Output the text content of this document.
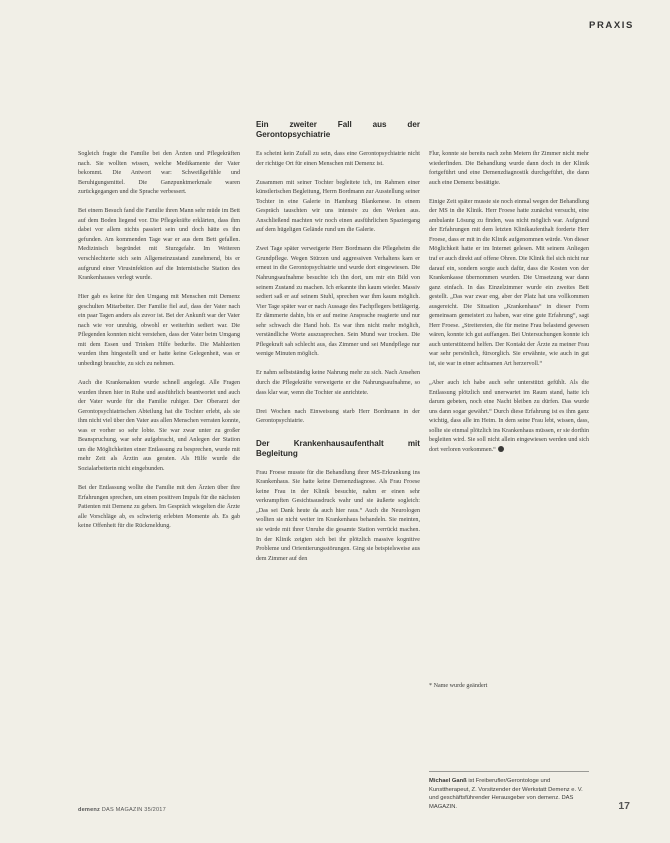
PRAXIS

Sogleich fragte die Familie bei den Ärzten und Pflegekräften nach. Sie wollten wissen, welche Medikamente der Vater bekommt. Die Antwort war: Schweißgefühle und Beruhigungsmittel. Die Ganzpunktmerkmale waren zurückgegangen und die Sprache verbessert.

Bei einem Besuch fand die Familie ihren Mann sehr müde im Bett auf dem Boden liegend vor. Die Pflegekräfte erklärten, dass ihm dabei vor allem nichts passiert sein und doch hätte es ihn gefunden. Am kommenden Tage war er aus dem Bett gefallen. Medizinisch begründet mit Sturzgefahr. Im Weiteren verschlechterte sich sein Allgemeinzustand zunehmend, bis er aufgrund einer Virusinfektion auf die Internistische Station des Krankenhauses verlegt wurde.

Hier gab es keine für den Umgang mit Menschen mit Demenz geschulten Mitarbeiter. Der Familie fiel auf, dass der Vater nach ein paar Tagen anders als zuvor ist. Bei der Ankunft war der Vater nach wie vor unruhig, obwohl er weiterhin sediert war. Die Pflegenden konnten nicht verstehen, dass der Vater beim Umgang mit dem Essen und Trinken Hilfe bedurfte. Die Mahlzeiten wurden ihm hingestellt und er hatte keine Gelegenheit, was er unbedingt brauchte, zu sich zu nehmen.

Auch die Krankenakten wurde schnell angelegt. Alle Fragen wurden ihnen hier in Ruhe und ausführlich beantwortet und auch der Vater wurde für die Familie ruhiger. Der Oberarzt der Gerontopsychiatrischen Abteilung hat die Tochter erlebt, als sie ihm nicht viel über den Vater aus allen Menschen verraten konnte, was er vorher so sehr lobte. Sie war zwar unter zu großer Beanspruchung, war sehr aufgebracht, und Anlegen der Station um die Möglichkeiten einer Entlassung zu besprechen, wurde mit mehr Zeit als Ärztin aus geraten. Als Hilfe wurde die Sozialarbeiterin nicht eingebunden.

Bei der Entlassung wollte die Familie mit den Ärzten über ihre Erfahrungen sprechen, um einen positiven Impuls für die nächsten Patienten mit Demenz zu geben. Im Gespräch wiegelten die Ärzte alle Vorschläge ab, es schwierig erlebten Momente ab. Es gab keine Offenheit für die Rückmeldung.

Ein zweiter Fall aus der Gerontopsychiatrie

Es scheint kein Zufall zu sein, dass eine Gerontopsychiatrie nicht der richtige Ort für einen Menschen mit Demenz ist.

Zusammen mit seiner Tochter begleitete ich, im Rahmen einer künstlerischen Begleitung, Herrn Bordmann zur Ausstellung seiner Tochter in eine Galerie in Hamburg Blankenese. In einem Gespräch tauschten wir uns intensiv zu den Werken aus. Anschließend machten wir noch einen ausführlichen Spaziergang auf dem hügeligen Gelände rund um die Galerie.

Zwei Tage später verweigerte Herr Bordmann die Pflegeheim die Grundpflege. Wegen Stürzen und aggressiven Verhaltens kam er erneut in die Gerontopsychiatrie und wurde dort eingewiesen. Die Nahrungsaufnahme besuchte ich ihn dort, um mir ein Bild von seinem Zustand zu machen. Ich erkannte ihn kaum wieder. Massiv sediert saß er auf seinem Stuhl, sprechen war ihm kaum möglich. Vier Tage später war er nach Aussage des Fachpflegers bettlägerig. Er dämmerte dahin, bis er auf meine Ansprache reagierte und nur sehr schwach die Hand hob. Es war ihm nicht mehr möglich, verständliche Worte auszusprechen. Sein Mund war trocken. Die Pflegekraft sah schlecht aus, das Zimmer und sei Mundpflege nur wenige Minuten möglich.

Er nahm selbstständig keine Nahrung mehr zu sich. Nach Ansehen durch die Pflegekräfte verweigerte er die Nahrungsaufnahme, so dass klar war, wenn die Tochter sie anrichtete.

Drei Wochen nach Einweisung starb Herr Bordmann in der Gerontopsychiatrie.

Der Krankenhausaufenthalt mit Begleitung

Frau Froese musste für die Behandlung ihrer MS-Erkrankung ins Krankenhaus. Sie hatte keine Demenzdiagnose. Als Frau Froese keine Frau in der Klinik besuchte, nahm er einen sehr verkrampften Gesichtsausdruck wahr und sie äußerte sogleich: „Das sei Dank heute da auch hier raus.“ Auch die Neurologen wollten sie nicht weiter im Krankenhaus behandeln. Sie meinten, sie würde mit ihrer Unruhe die gesamte Station verrückt machen. In der Klinik zeigten sich bei ihr plötzlich massive kognitive Probleme und Orientierungsstörungen. Ging sie beispielsweise aus dem Zimmer auf den

Flur, konnte sie bereits nach zehn Metern ihr Zimmer nicht mehr wiederfinden. Die Behandlung wurde dann doch in der Klinik fortgeführt und eine Demenzdiagnostik durchgeführt, die dann auch eine Demenz bestätigte.

Einige Zeit später musste sie noch einmal wegen der Behandlung der MS in die Klinik. Herr Froese hatte zunächst versucht, eine ambulante Lösung zu finden, was nicht möglich war. Aufgrund der Erfahrungen mit dem letzten Klinikaufenthalt forderte Herr Froese, dass er mit in die Klinik aufgenommen würde. Von dieser Möglichkeit hatte er im Internet gelesen. Mit seinem Anliegen traf er auch direkt auf offene Ohren. Die Klinik fiel sich nicht nur darauf ein, sondern sorgte auch dafür, dass die Kosten von der Krankenkasse übernommen wurden. Die Umsetzung war dann ganz einfach. In das Einzelzimmer wurde ein zweites Bett gestellt. „Das war zwar eng, aber der Platz hat uns vollkommen ausgereicht. Die Situation „Krankenhaus“ in dieser Form gemeinsam gemeistert zu haben, war eine gute Erfahrung“, sagt Herr Froese. „Streitereien, die für meine Frau belastend gewesen wären, konnte ich gut auffangen. Bei Untersuchungen konnte ich auch unterstützend helfen. Der Kontakt der Ärzte zu meiner Frau war sehr persönlich, fürsorglich. Sie erwähnte, wie auch in gut ist, sie war in einer achtsamen Art herzervoll.“

„Aber auch ich habe auch sehr unterstützt gefühlt. Als die Entlassung plötzlich und unerwartet im Raum stand, hatte ich darum gebeten, noch eine Nacht bleiben zu dürfen. Das wurde uns dann sogar gewährt.“ Durch diese Erfahrung ist es ihm ganz wichtig, dass alle im Heim. In dem seine Frau lebt, wissen, dass, sollte sie einmal plötzlich ins Krankenhaus müssen, er sie dorthin begleiten wird. Sie soll nicht allein eingewiesen werden und sich dort verloren vorkommen.“

* Name wurde geändert
Michael Ganß ist Freiberufler/Gerontologe und Kunsttherapeut, Z. Vorsitzender der Werkstatt Demenz e. V. und geschäftsführender Herausgeber von demenz. DAS MAGAZIN.
demenz DAS MAGAZIN 35/2017	17
